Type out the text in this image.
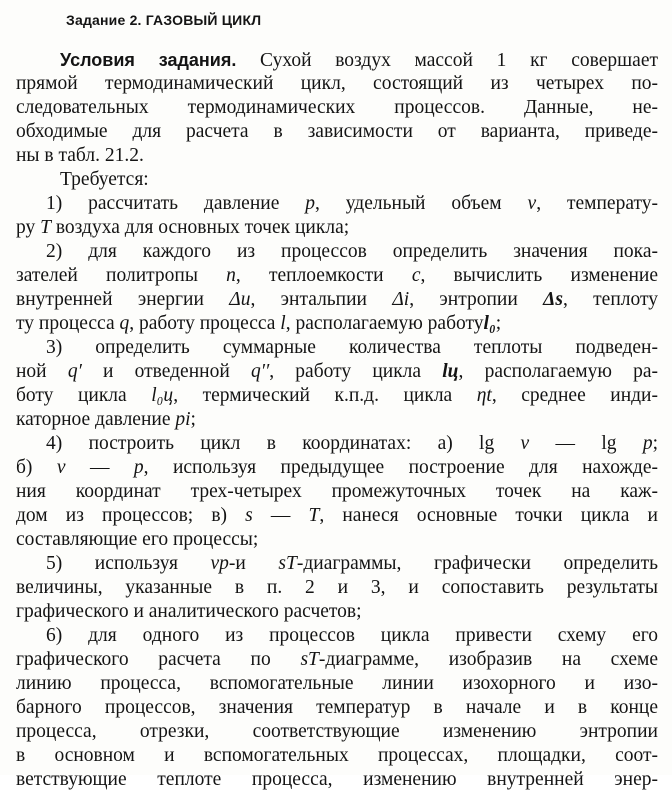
Задание 2. ГАЗОВЫЙ ЦИКЛ
Условия задания. Сухой воздух массой 1 кг совершает
прямой термодинамический цикл, состоящий из четырех по-
следовательных термодинамических процессов. Данные, не-
обходимые для расчета в зависимости от варианта, приведе-
ны в табл. 21.2.
Требуется:
1) рассчитать давление p, удельный объем v, температу-
ру T воздуха для основных точек цикла;
2) для каждого из процессов определить значения пока-
зателей политропы n, теплоемкости c, вычислить изменение
внутренней энергии Δu, энтальпии Δi, энтропии Δs, теплоту
ту процесса q, работу процесса l, располагаемую работуl₀;
3) определить суммарные количества теплоты подведен-
ной q′ и отведенной q′′, работу цикла lц, располагаемую ра-
боту цикла l₀ц, термический к.п.д. цикла ηt, среднее инди-
каторное давление pi;
4) построить цикл в координатах: а) lg v — lg p;
б) v — p, используя предыдущее построение для нахожде-
ния координат трех-четырех промежуточных точек на каж-
дом из процессов; в) s — T, нанеся основные точки цикла и
составляющие его процессы;
5) используя vp-и sT-диаграммы, графически определить
величины, указанные в п. 2 и 3, и сопоставить результаты
графического и аналитического расчетов;
6) для одного из процессов цикла привести схему его
графического расчета по sT-диаграмме, изобразив на схеме
линию процесса, вспомогательные линии изохорного и изо-
барного процессов, значения температур в начале и в конце
процесса, отрезки, соответствующие изменению энтропии
в основном и вспомогательных процессах, площадки, соот-
ветствующие теплоте процесса, изменению внутренней энер-
